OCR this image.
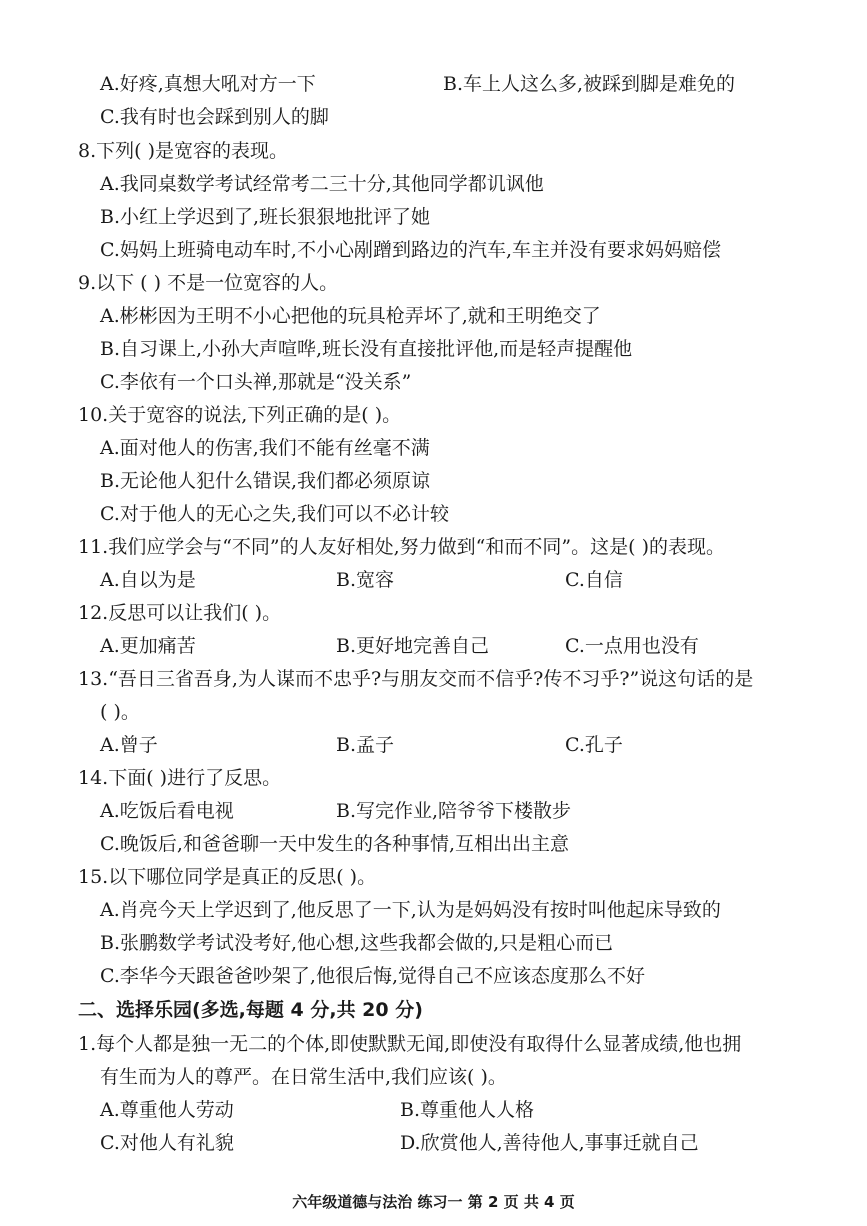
A.好疼,真想大吼对方一下	B.车上人这么多,被踩到脚是难免的
C.我有时也会踩到别人的脚
8.下列( )是宽容的表现。
A.我同桌数学考试经常考二三十分,其他同学都讥讽他
B.小红上学迟到了,班长狠狠地批评了她
C.妈妈上班骑电动车时,不小心剐蹭到路边的汽车,车主并没有要求妈妈赔偿
9.以下 ( ) 不是一位宽容的人。
A.彬彬因为王明不小心把他的玩具枪弄坏了,就和王明绝交了
B.自习课上,小孙大声喧哗,班长没有直接批评他,而是轻声提醒他
C.李依有一个口头禅,那就是“没关系”
10.关于宽容的说法,下列正确的是( )。
A.面对他人的伤害,我们不能有丝毫不满
B.无论他人犯什么错误,我们都必须原谅
C.对于他人的无心之失,我们可以不必计较
11.我们应学会与“不同”的人友好相处,努力做到“和而不同”。这是( )的表现。
A.自以为是	B.宽容	C.自信
12.反思可以让我们( )。
A.更加痛苦	B.更好地完善自己	C.一点用也没有
13.“吾日三省吾身,为人谋而不忠乎?与朋友交而不信乎?传不习乎?”说这句话的是
( )。
A.曾子	B.孟子	C.孔子
14.下面( )进行了反思。
A.吃饭后看电视	B.写完作业,陪爷爷下楼散步
C.晚饭后,和爸爸聊一天中发生的各种事情,互相出出主意
15.以下哪位同学是真正的反思( )。
A.肖亮今天上学迟到了,他反思了一下,认为是妈妈没有按时叫他起床导致的
B.张鹏数学考试没考好,他心想,这些我都会做的,只是粗心而已
C.李华今天跟爸爸吵架了,他很后悔,觉得自己不应该态度那么不好
二、选择乐园(多选,每题 4 分,共 20 分)
1.每个人都是独一无二的个体,即使默默无闻,即使没有取得什么显著成绩,他也拥
有生而为人的尊严。在日常生活中,我们应该( )。
A.尊重他人劳动	B.尊重他人人格
C.对他人有礼貌	D.欣赏他人,善待他人,事事迁就自己
六年级道德与法治 练习一 第 2 页 共 4 页
